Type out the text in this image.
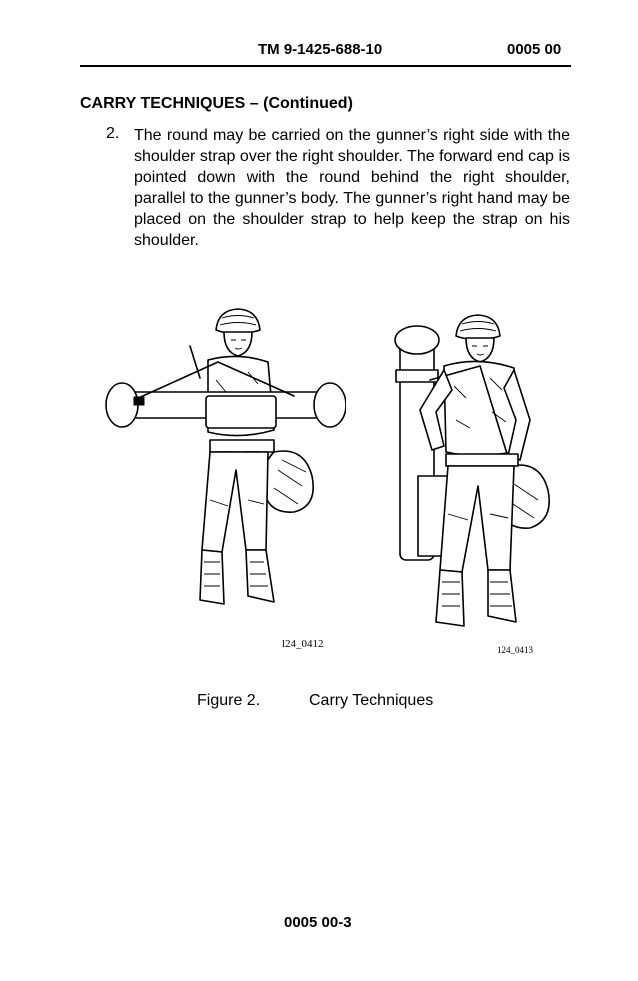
TM 9-1425-688-10	0005 00
CARRY TECHNIQUES – (Continued)
2. The round may be carried on the gunner’s right side with the shoulder strap over the right shoulder. The forward end cap is pointed down with the round behind the right shoulder, parallel to the gunner’s body. The gunner’s right hand may be placed on the shoulder strap to help keep the strap on his shoulder.

l24_0412	124_0413
Figure 2.	Carry Techniques
0005 00-3
